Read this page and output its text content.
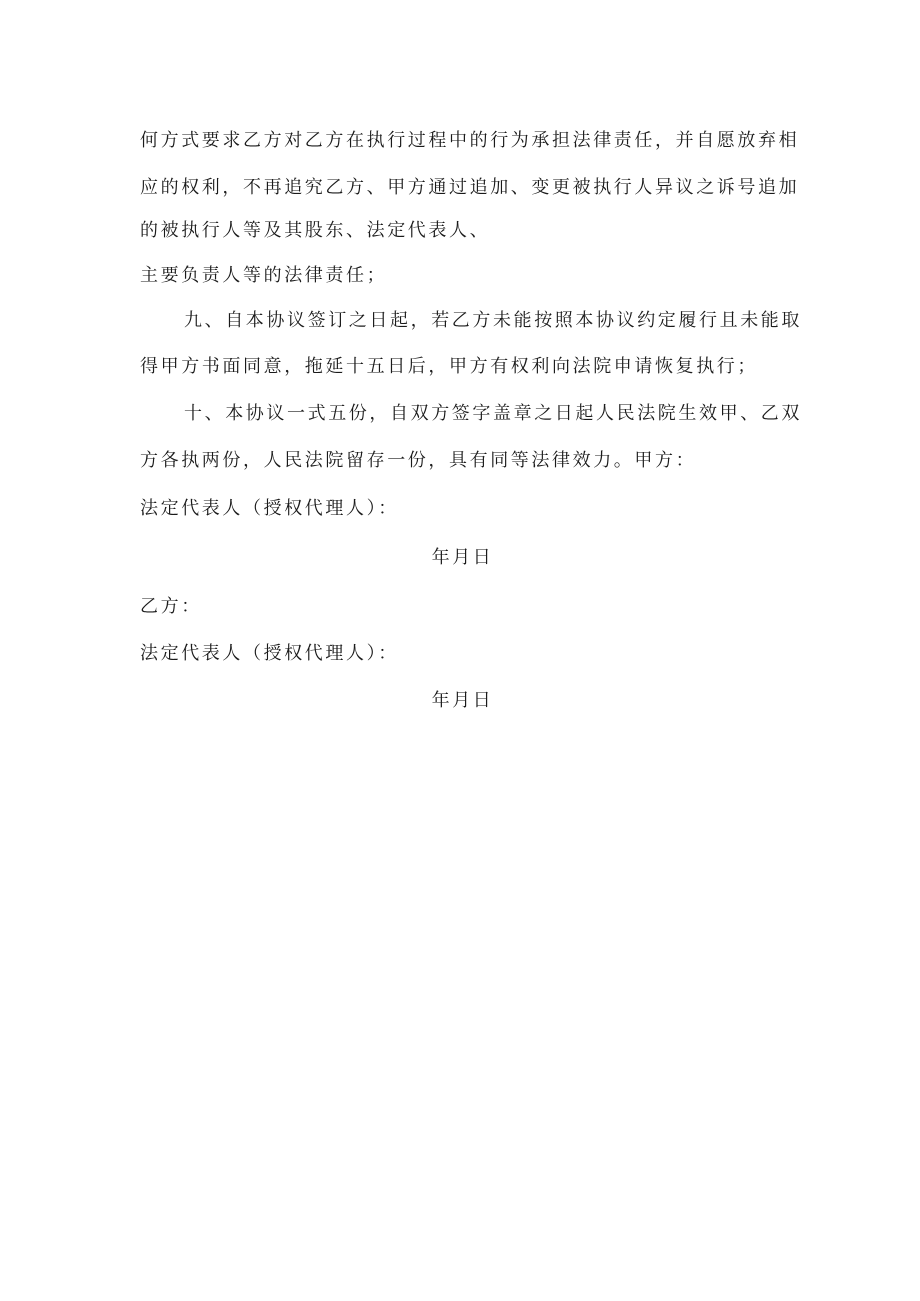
何方式要求乙方对乙方在执行过程中的行为承担法律责任，并自愿放弃相
应的权利，不再追究乙方、甲方通过追加、变更被执行人异议之诉号追加
的被执行人等及其股东、法定代表人、
主要负责人等的法律责任；
九、自本协议签订之日起，若乙方未能按照本协议约定履行且未能取
得甲方书面同意，拖延十五日后，甲方有权利向法院申请恢复执行；
十、本协议一式五份，自双方签字盖章之日起人民法院生效甲、乙双
方各执两份，人民法院留存一份，具有同等法律效力。甲方：
法定代表人（授权代理人）：
年月日
乙方：
法定代表人（授权代理人）：
年月日
